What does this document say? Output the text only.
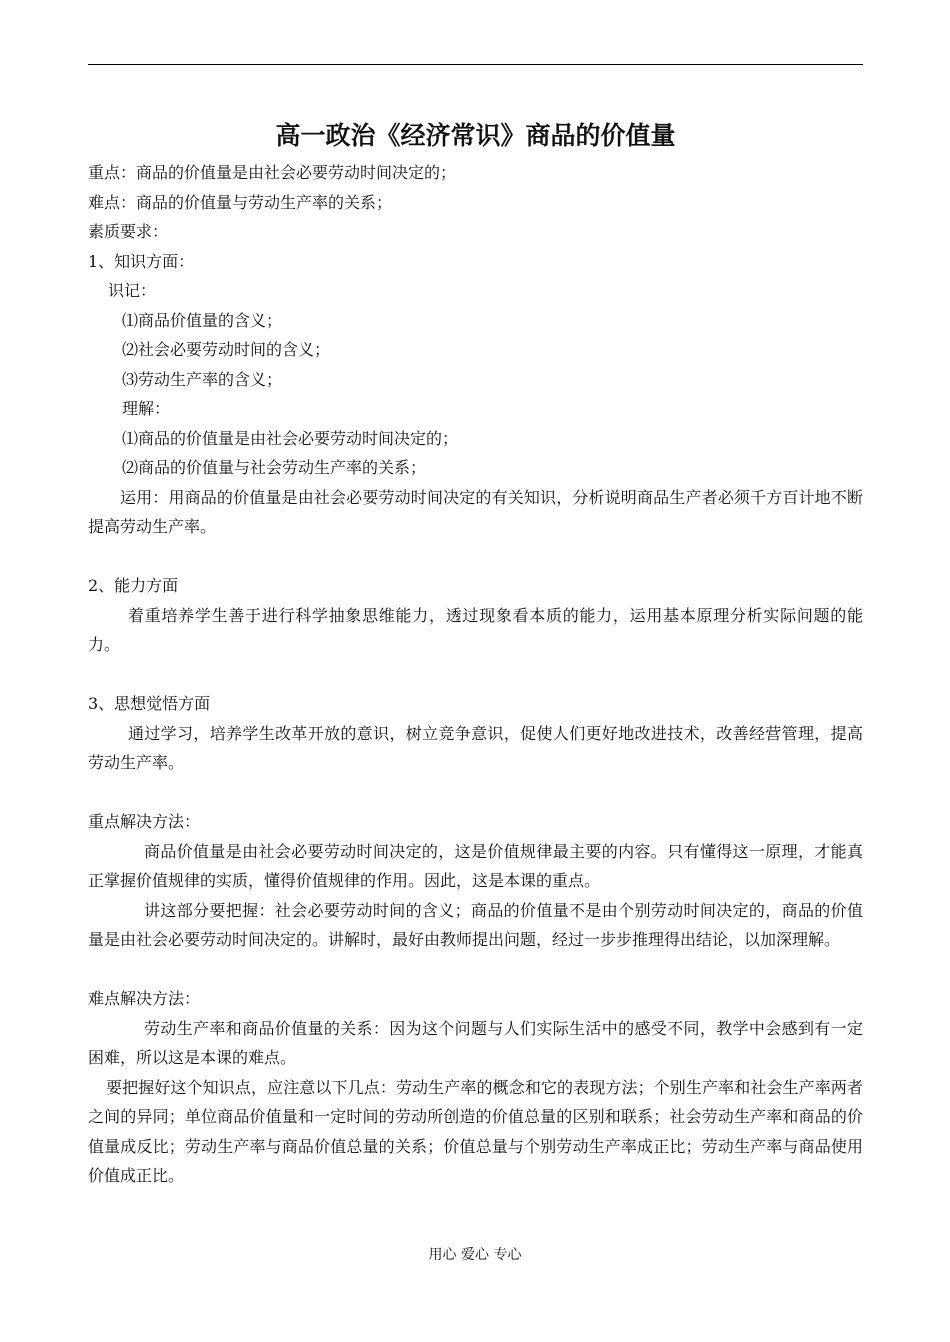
高一政治《经济常识》商品的价值量
重点：商品的价值量是由社会必要劳动时间决定的；
难点：商品的价值量与劳动生产率的关系；
素质要求：
1、知识方面：
识记：
⑴商品价值量的含义；
⑵社会必要劳动时间的含义；
⑶劳动生产率的含义；
理解：
⑴商品的价值量是由社会必要劳动时间决定的；
⑵商品的价值量与社会劳动生产率的关系；
运用：用商品的价值量是由社会必要劳动时间决定的有关知识，分析说明商品生产者必须千方百计地不断提高劳动生产率。
2、能力方面
着重培养学生善于进行科学抽象思维能力，透过现象看本质的能力，运用基本原理分析实际问题的能力。
3、思想觉悟方面
通过学习，培养学生改革开放的意识，树立竞争意识，促使人们更好地改进技术，改善经营管理，提高劳动生产率。
重点解决方法：
商品价值量是由社会必要劳动时间决定的，这是价值规律最主要的内容。只有懂得这一原理，才能真正掌握价值规律的实质，懂得价值规律的作用。因此，这是本课的重点。
讲这部分要把握：社会必要劳动时间的含义；商品的价值量不是由个别劳动时间决定的，商品的价值量是由社会必要劳动时间决定的。讲解时，最好由教师提出问题，经过一步步推理得出结论，以加深理解。
难点解决方法：
劳动生产率和商品价值量的关系：因为这个问题与人们实际生活中的感受不同，教学中会感到有一定困难，所以这是本课的难点。
要把握好这个知识点，应注意以下几点：劳动生产率的概念和它的表现方法；个别生产率和社会生产率两者之间的异同；单位商品价值量和一定时间的劳动所创造的价值总量的区别和联系；社会劳动生产率和商品的价值量成反比；劳动生产率与商品价值总量的关系；价值总量与个别劳动生产率成正比；劳动生产率与商品使用价值成正比。
用心 爱心 专心
